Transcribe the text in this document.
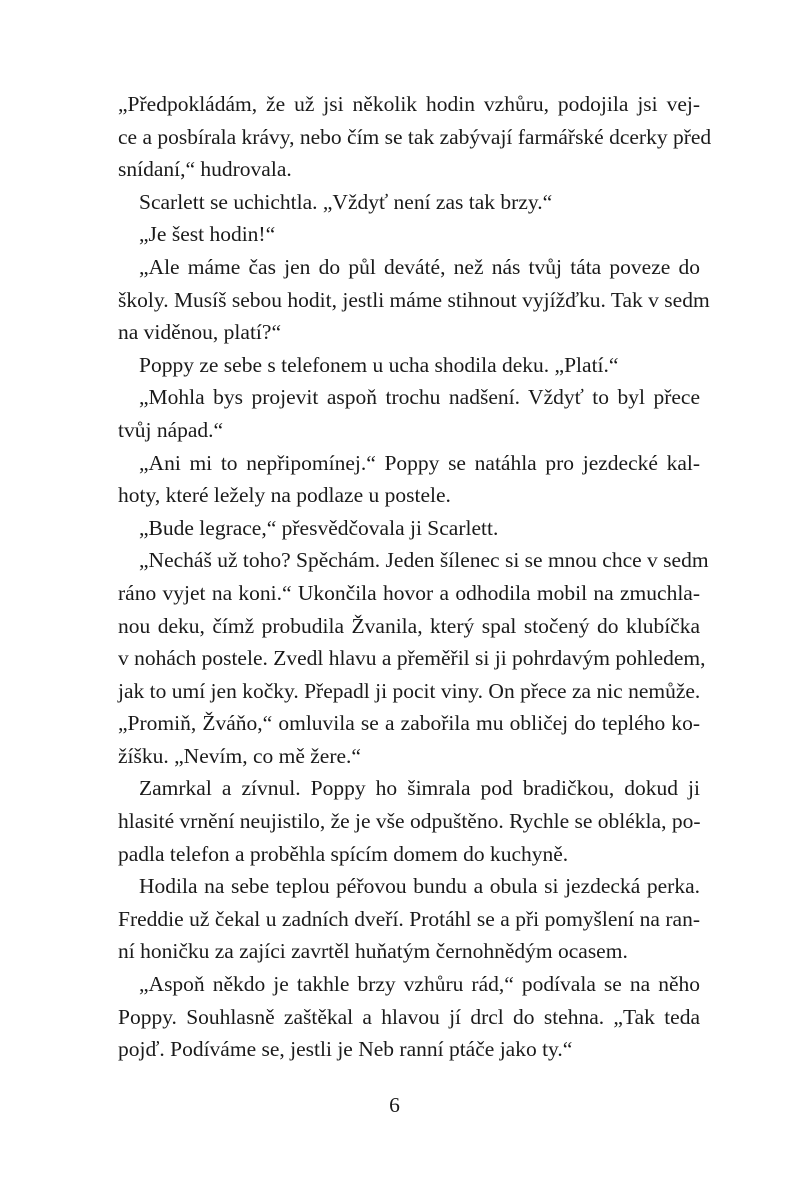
„Předpokládám, že už jsi několik hodin vzhůru, podojila jsi vej-
ce a posbírala krávy, nebo čím se tak zabývají farmářské dcerky před
snídaní,“ hudrovala.
Scarlett se uchichtla. „Vždyť není zas tak brzy.“
„Je šest hodin!“
„Ale máme čas jen do půl deváté, než nás tvůj táta poveze do
školy. Musíš sebou hodit, jestli máme stihnout vyjížďku. Tak v sedm
na viděnou, platí?“
Poppy ze sebe s telefonem u ucha shodila deku. „Platí.“
„Mohla bys projevit aspoň trochu nadšení. Vždyť to byl přece
tvůj nápad.“
„Ani mi to nepřipomínej.“ Poppy se natáhla pro jezdecké kal-
hoty, které ležely na podlaze u postele.
„Bude legrace,“ přesvědčovala ji Scarlett.
„Necháš už toho? Spěchám. Jeden šílenec si se mnou chce v sedm
ráno vyjet na koni.“ Ukončila hovor a odhodila mobil na zmuchla-
nou deku, čímž probudila Žvanila, který spal stočený do klubíčka
v nohách postele. Zvedl hlavu a přeměřil si ji pohrdavým pohledem,
jak to umí jen kočky. Přepadl ji pocit viny. On přece za nic nemůže.
„Promiň, Žváňo,“ omluvila se a zabořila mu obličej do teplého ko-
žíšku. „Nevím, co mě žere.“
Zamrkal a zívnul. Poppy ho šimrala pod bradičkou, dokud ji
hlasité vrnění neujistilo, že je vše odpuštěno. Rychle se oblékla, po-
padla telefon a proběhla spícím domem do kuchyně.
Hodila na sebe teplou péřovou bundu a obula si jezdecká perka.
Freddie už čekal u zadních dveří. Protáhl se a při pomyšlení na ran-
ní honičku za zajíci zavrtěl huňatým černohnědým ocasem.
„Aspoň někdo je takhle brzy vzhůru rád,“ podívala se na něho
Poppy. Souhlasně zaštěkal a hlavou jí drcl do stehna. „Tak teda
pojď. Podíváme se, jestli je Neb ranní ptáče jako ty.“
6
